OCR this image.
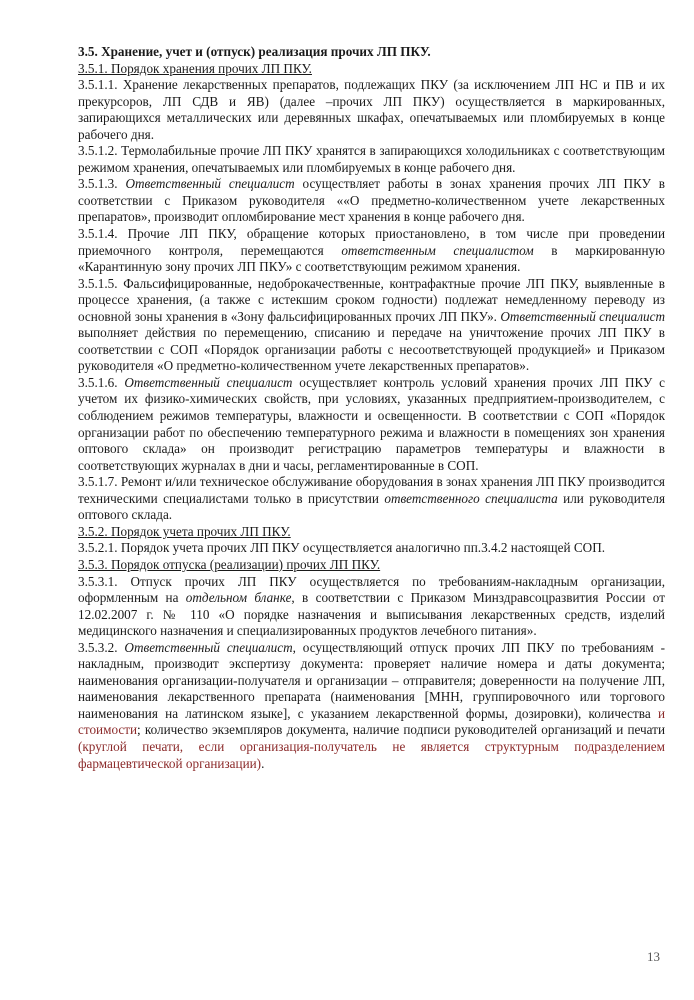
3.5. Хранение, учет и (отпуск) реализация прочих ЛП ПКУ.

3.5.1. Порядок хранения прочих ЛП ПКУ.

3.5.1.1. Хранение лекарственных препаратов, подлежащих ПКУ (за исключением ЛП НС и ПВ и их прекурсоров, ЛП СДВ и ЯВ) (далее –прочих ЛП ПКУ) осуществляется в маркированных, запирающихся металлических или деревянных шкафах, опечатываемых или пломбируемых в конце рабочего дня.

3.5.1.2. Термолабильные прочие ЛП ПКУ хранятся в запирающихся холодильниках с соответствующим режимом хранения, опечатываемых или пломбируемых в конце рабочего дня.

3.5.1.3. Ответственный специалист осуществляет работы в зонах хранения прочих ЛП ПКУ в соответствии с Приказом руководителя ««О предметно-количественном учете лекарственных препаратов», производит опломбирование мест хранения в конце рабочего дня.

3.5.1.4. Прочие ЛП ПКУ, обращение которых приостановлено, в том числе при проведении приемочного контроля, перемещаются ответственным специалистом в маркированную «Карантинную зону прочих ЛП ПКУ» с соответствующим режимом хранения.

3.5.1.5. Фальсифицированные, недоброкачественные, контрафактные прочие ЛП ПКУ, выявленные в процессе хранения, (а также с истекшим сроком годности) подлежат немедленному переводу из основной зоны хранения в «Зону фальсифицированных прочих ЛП ПКУ». Ответственный специалист выполняет действия по перемещению, списанию и передаче на уничтожение прочих ЛП ПКУ в соответствии с СОП «Порядок организации работы с несоответствующей продукцией» и Приказом руководителя «О предметно-количественном учете лекарственных препаратов».

3.5.1.6. Ответственный специалист осуществляет контроль условий хранения прочих ЛП ПКУ с учетом их физико-химических свойств, при условиях, указанных предприятием-производителем, с соблюдением режимов температуры, влажности и освещенности. В соответствии с СОП «Порядок организации работ по обеспечению температурного режима и влажности в помещениях зон хранения оптового склада» он производит регистрацию параметров температуры и влажности в соответствующих журналах в дни и часы, регламентированные в СОП.

3.5.1.7. Ремонт и/или техническое обслуживание оборудования в зонах хранения ЛП ПКУ производится техническими специалистами только в присутствии ответственного специалиста или руководителя оптового склада.

3.5.2. Порядок учета прочих ЛП ПКУ.

3.5.2.1. Порядок учета прочих ЛП ПКУ осуществляется аналогично пп.3.4.2 настоящей СОП.

3.5.3. Порядок отпуска (реализации) прочих ЛП ПКУ.

3.5.3.1. Отпуск прочих ЛП ПКУ осуществляется по требованиям-накладным организации, оформленным на отдельном бланке, в соответствии с Приказом Минздравсоцразвития России от 12.02.2007 г. № 110 «О порядке назначения и выписывания лекарственных средств, изделий медицинского назначения и специализированных продуктов лечебного питания».

3.5.3.2. Ответственный специалист, осуществляющий отпуск прочих ЛП ПКУ по требованиям - накладным, производит экспертизу документа: проверяет наличие номера и даты документа; наименования организации-получателя и организации – отправителя; доверенности на получение ЛП, наименования лекарственного препарата (наименования [МНН, группировочного или торгового наименования на латинском языке], с указанием лекарственной формы, дозировки), количества и стоимости; количество экземпляров документа, наличие подписи руководителей организаций и печати (круглой печати, если организация-получатель не является структурным подразделением фармацевтической организации).

13
